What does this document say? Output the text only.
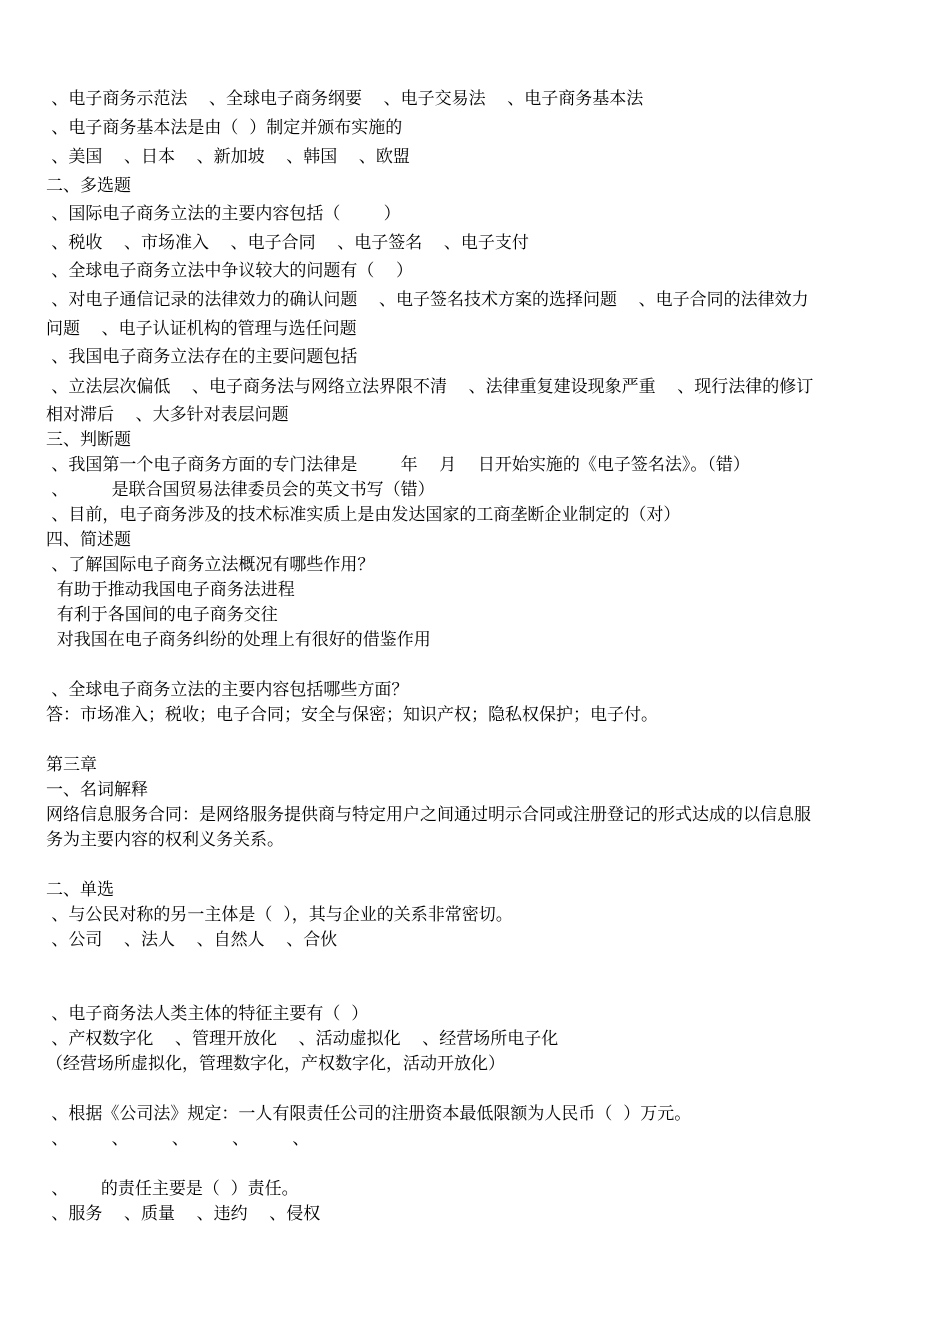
、电子商务示范法    、全球电子商务纲要    、电子交易法    、电子商务基本法
、电子商务基本法是由（  ）制定并颁布实施的
、美国    、日本    、新加坡    、韩国    、欧盟
二、多选题
、国际电子商务立法的主要内容包括（        ）
、税收    、市场准入    、电子合同    、电子签名    、电子支付
、全球电子商务立法中争议较大的问题有（    ）
、对电子通信记录的法律效力的确认问题    、电子签名技术方案的选择问题    、电子合同的法律效力
问题    、电子认证机构的管理与选任问题
、我国电子商务立法存在的主要问题包括
、立法层次偏低    、电子商务法与网络立法界限不清    、法律重复建设现象严重    、现行法律的修订
相对滞后    、大多针对表层问题
三、判断题
、我国第一个电子商务方面的专门法律是        年    月    日开始实施的《电子签名法》。（错）
、        是联合国贸易法律委员会的英文书写（错）
、目前，电子商务涉及的技术标准实质上是由发达国家的工商垄断企业制定的（对）
四、简述题
、了解国际电子商务立法概况有哪些作用？
有助于推动我国电子商务法进程
有利于各国间的电子商务交往
对我国在电子商务纠纷的处理上有很好的借鉴作用
、全球电子商务立法的主要内容包括哪些方面？
答：市场准入；税收；电子合同；安全与保密；知识产权；隐私权保护；电子付。
第三章
一、名词解释
网络信息服务合同：是网络服务提供商与特定用户之间通过明示合同或注册登记的形式达成的以信息服
务为主要内容的权利义务关系。
二、单选
、与公民对称的另一主体是（  ），其与企业的关系非常密切。
、公司    、法人    、自然人    、合伙
、电子商务法人类主体的特征主要有（  ）
、产权数字化    、管理开放化    、活动虚拟化    、经营场所电子化
（经营场所虚拟化，管理数字化，产权数字化，活动开放化）
、根据《公司法》规定：一人有限责任公司的注册资本最低限额为人民币（  ）万元。
、        、        、        、        、
、      的责任主要是（  ）责任。
、服务    、质量    、违约    、侵权
